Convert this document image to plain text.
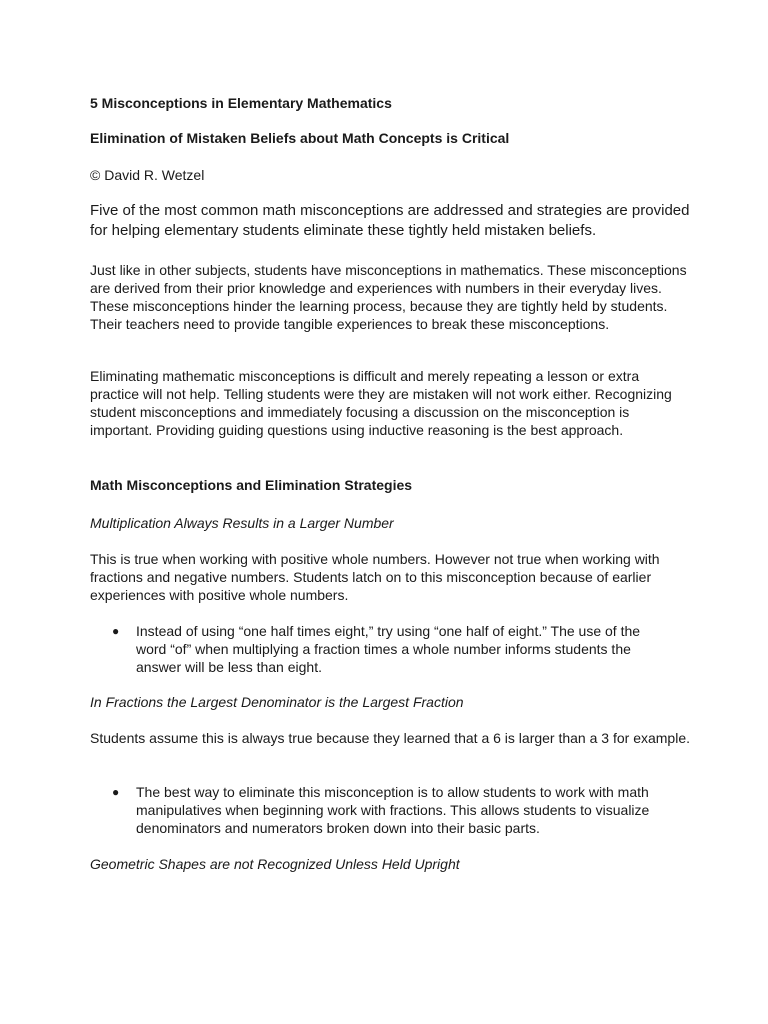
5 Misconceptions in Elementary Mathematics

Elimination of Mistaken Beliefs about Math Concepts is Critical

© David R. Wetzel

Five of the most common math misconceptions are addressed and strategies are provided for helping elementary students eliminate these tightly held mistaken beliefs.

Just like in other subjects, students have misconceptions in mathematics. These misconceptions are derived from their prior knowledge and experiences with numbers in their everyday lives. These misconceptions hinder the learning process, because they are tightly held by students. Their teachers need to provide tangible experiences to break these misconceptions.

Eliminating mathematic misconceptions is difficult and merely repeating a lesson or extra practice will not help. Telling students were they are mistaken will not work either. Recognizing student misconceptions and immediately focusing a discussion on the misconception is important. Providing guiding questions using inductive reasoning is the best approach.

Math Misconceptions and Elimination Strategies

Multiplication Always Results in a Larger Number

This is true when working with positive whole numbers. However not true when working with fractions and negative numbers. Students latch on to this misconception because of earlier experiences with positive whole numbers.

●	Instead of using “one half times eight,” try using “one half of eight.” The use of the word “of” when multiplying a fraction times a whole number informs students the answer will be less than eight.

In Fractions the Largest Denominator is the Largest Fraction

Students assume this is always true because they learned that a 6 is larger than a 3 for example.

●	The best way to eliminate this misconception is to allow students to work with math manipulatives when beginning work with fractions. This allows students to visualize denominators and numerators broken down into their basic parts.

Geometric Shapes are not Recognized Unless Held Upright
